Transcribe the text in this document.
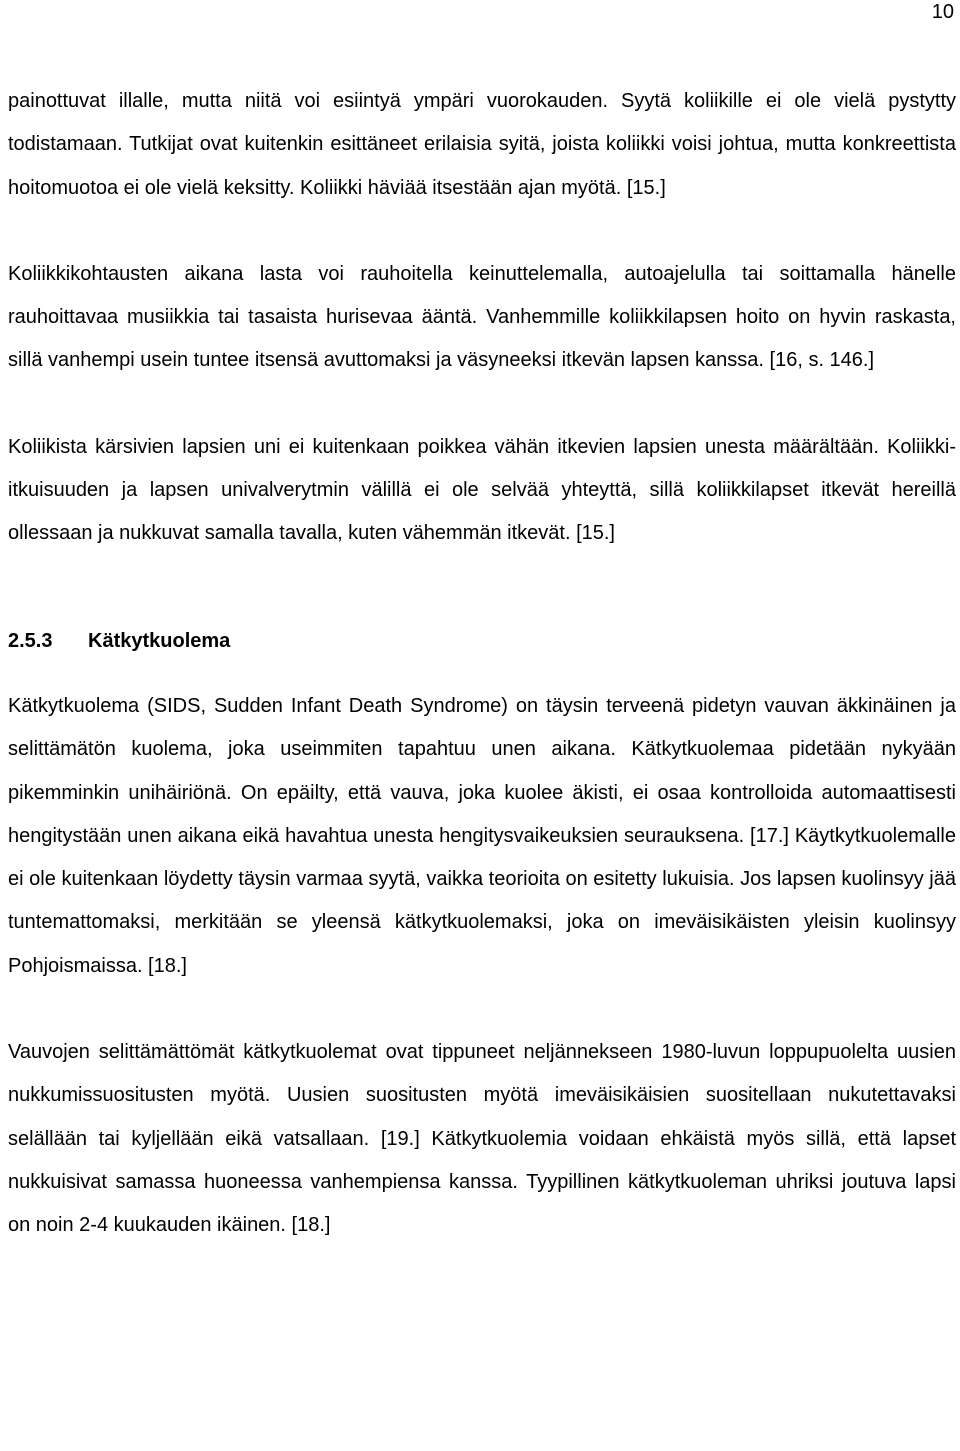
10

painottuvat illalle, mutta niitä voi esiintyä ympäri vuorokauden. Syytä koliikille ei ole vielä pystytty todistamaan. Tutkijat ovat kuitenkin esittäneet erilaisia syitä, joista koliikki voisi johtua, mutta konkreettista hoitomuotoa ei ole vielä keksitty. Koliikki häviää itsestään ajan myötä. [15.]

Koliikkikohtausten aikana lasta voi rauhoitella keinuttelemalla, autoajelulla tai soittamalla hänelle rauhoittavaa musiikkia tai tasaista hurisevaa ääntä. Vanhemmille koliikkilapsen hoito on hyvin raskasta, sillä vanhempi usein tuntee itsensä avuttomaksi ja väsyneeksi itkevän lapsen kanssa. [16, s. 146.]

Koliikista kärsivien lapsien uni ei kuitenkaan poikkea vähän itkevien lapsien unesta määrältään. Koliikki-itkuisuuden ja lapsen univalverytmin välillä ei ole selvää yhteyttä, sillä koliikkilapset itkevät hereillä ollessaan ja nukkuvat samalla tavalla, kuten vähemmän itkevät. [15.]

2.5.3 Kätkytkuolema

Kätkytkuolema (SIDS, Sudden Infant Death Syndrome) on täysin terveenä pidetyn vauvan äkkinäinen ja selittämätön kuolema, joka useimmiten tapahtuu unen aikana. Kätkytkuolemaa pidetään nykyään pikemminkin unihäiriönä. On epäilty, että vauva, joka kuolee äkisti, ei osaa kontrolloida automaattisesti hengitystään unen aikana eikä havahtua unesta hengitysvaikeuksien seurauksena. [17.] Käytkytkuolemalle ei ole kuitenkaan löydetty täysin varmaa syytä, vaikka teorioita on esitetty lukuisia. Jos lapsen kuolinsyy jää tuntemattomaksi, merkitään se yleensä kätkytkuolemaksi, joka on imeväisikäisten yleisin kuolinsyy Pohjoismaissa. [18.]

Vauvojen selittämättömät kätkytkuolemat ovat tippuneet neljännekseen 1980-luvun loppupuolelta uusien nukkumissuositusten myötä. Uusien suositusten myötä imeväisikäisien suositellaan nukutettavaksi selällään tai kyljellään eikä vatsallaan. [19.] Kätkytkuolemia voidaan ehkäistä myös sillä, että lapset nukkuisivat samassa huoneessa vanhempiensa kanssa. Tyypillinen kätkytkuoleman uhriksi joutuva lapsi on noin 2-4 kuukauden ikäinen. [18.]
